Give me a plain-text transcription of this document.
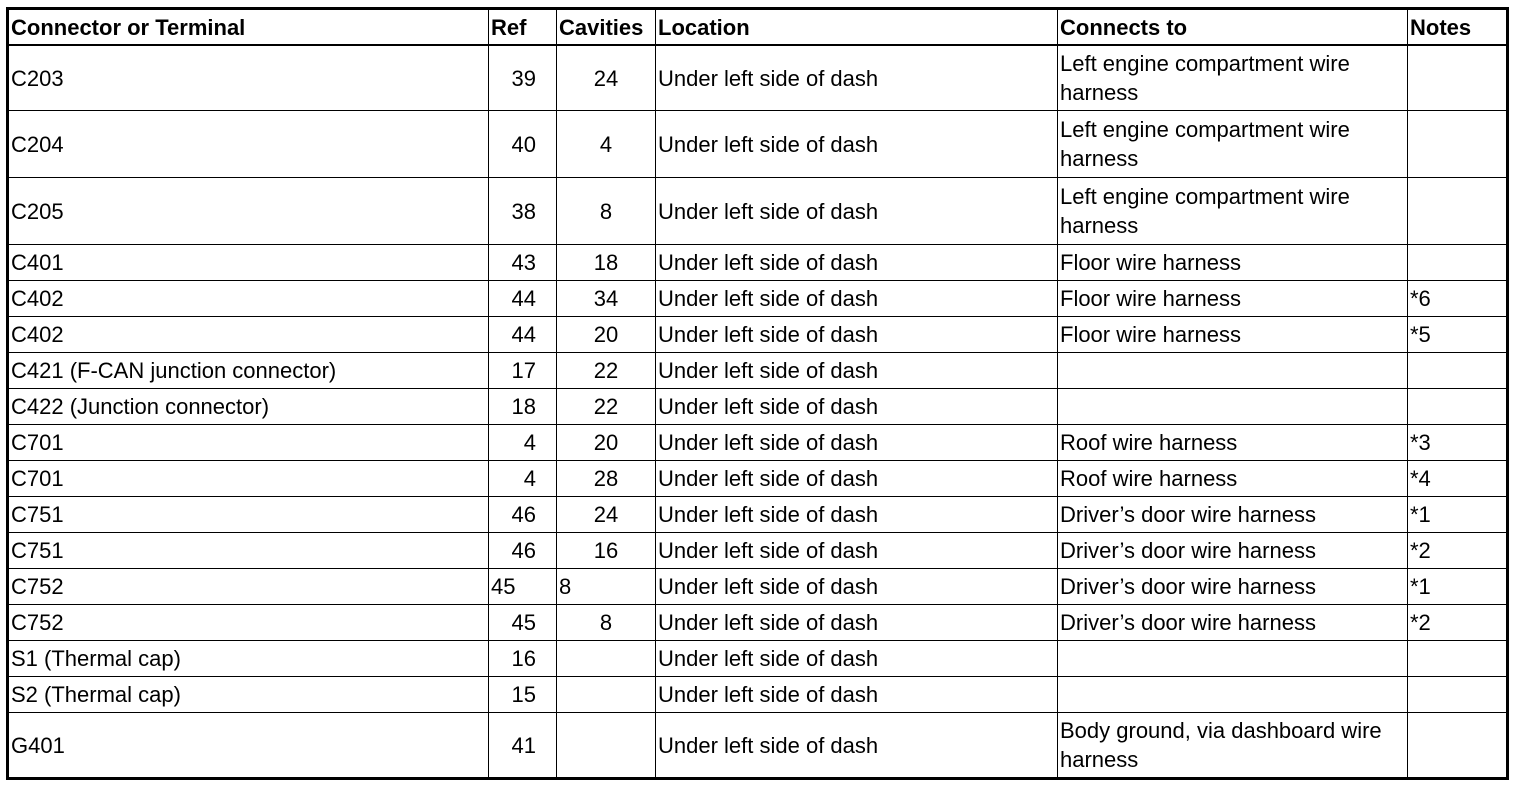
Connector or Terminal	Ref	Cavities	Location	Connects to	Notes
C203	39	24	Under left side of dash	Left engine compartment wire harness	
C204	40	4	Under left side of dash	Left engine compartment wire harness	
C205	38	8	Under left side of dash	Left engine compartment wire harness	
C401	43	18	Under left side of dash	Floor wire harness	
C402	44	34	Under left side of dash	Floor wire harness	*6
C402	44	20	Under left side of dash	Floor wire harness	*5
C421 (F-CAN junction connector)	17	22	Under left side of dash		
C422 (Junction connector)	18	22	Under left side of dash		
C701	4	20	Under left side of dash	Roof wire harness	*3
C701	4	28	Under left side of dash	Roof wire harness	*4
C751	46	24	Under left side of dash	Driver’s door wire harness	*1
C751	46	16	Under left side of dash	Driver’s door wire harness	*2
C752	45	8	Under left side of dash	Driver’s door wire harness	*1
C752	45	8	Under left side of dash	Driver’s door wire harness	*2
S1 (Thermal cap)	16		Under left side of dash		
S2 (Thermal cap)	15		Under left side of dash		
G401	41		Under left side of dash	Body ground, via dashboard wire harness	
